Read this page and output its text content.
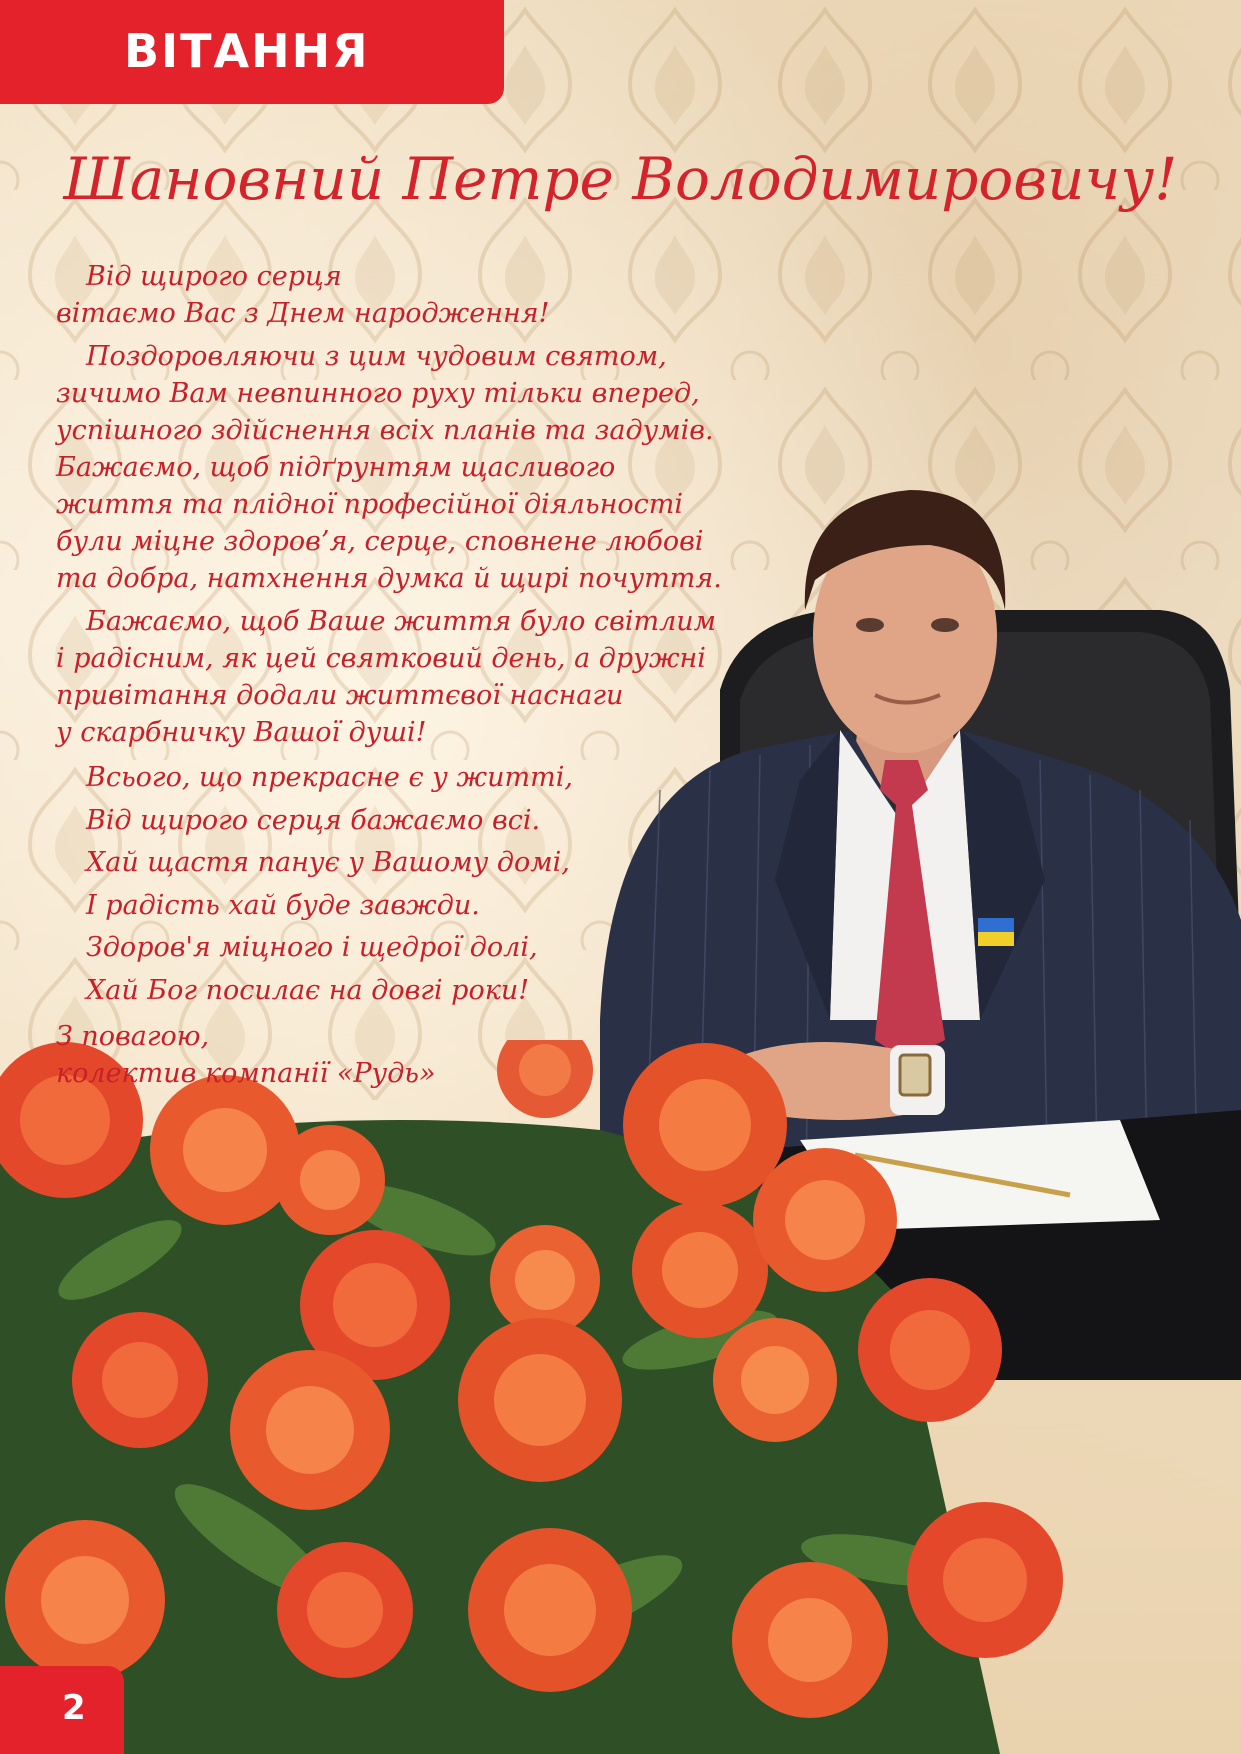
ВІТАННЯ
Шановний Петре Володимировичу!
Від щирого серця
вітаємо Вас з Днем народження!
Поздоровляючи з цим чудовим святом,
зичимо Вам невпинного руху тільки вперед,
успішного здійснення всіх планів та задумів.
Бажаємо, щоб підґрунтям щасливого
життя та плідної професійної діяльності
були міцне здоров’я, серце, сповнене любові
та добра, натхнення думка й щирі почуття.
Бажаємо, щоб Ваше життя було світлим
і радісним, як цей святковий день, а дружні
привітання додали життєвої наснаги
у скарбничку Вашої душі!
Всього, що прекрасне є у житті,
Від щирого серця бажаємо всі.
Хай щастя панує у Вашому домі,
І радість хай буде завжди.
Здоров'я міцного і щедрої долі,
Хай Бог посилає на довгі роки!
З повагою,
колектив компанії «Рудь»
2
